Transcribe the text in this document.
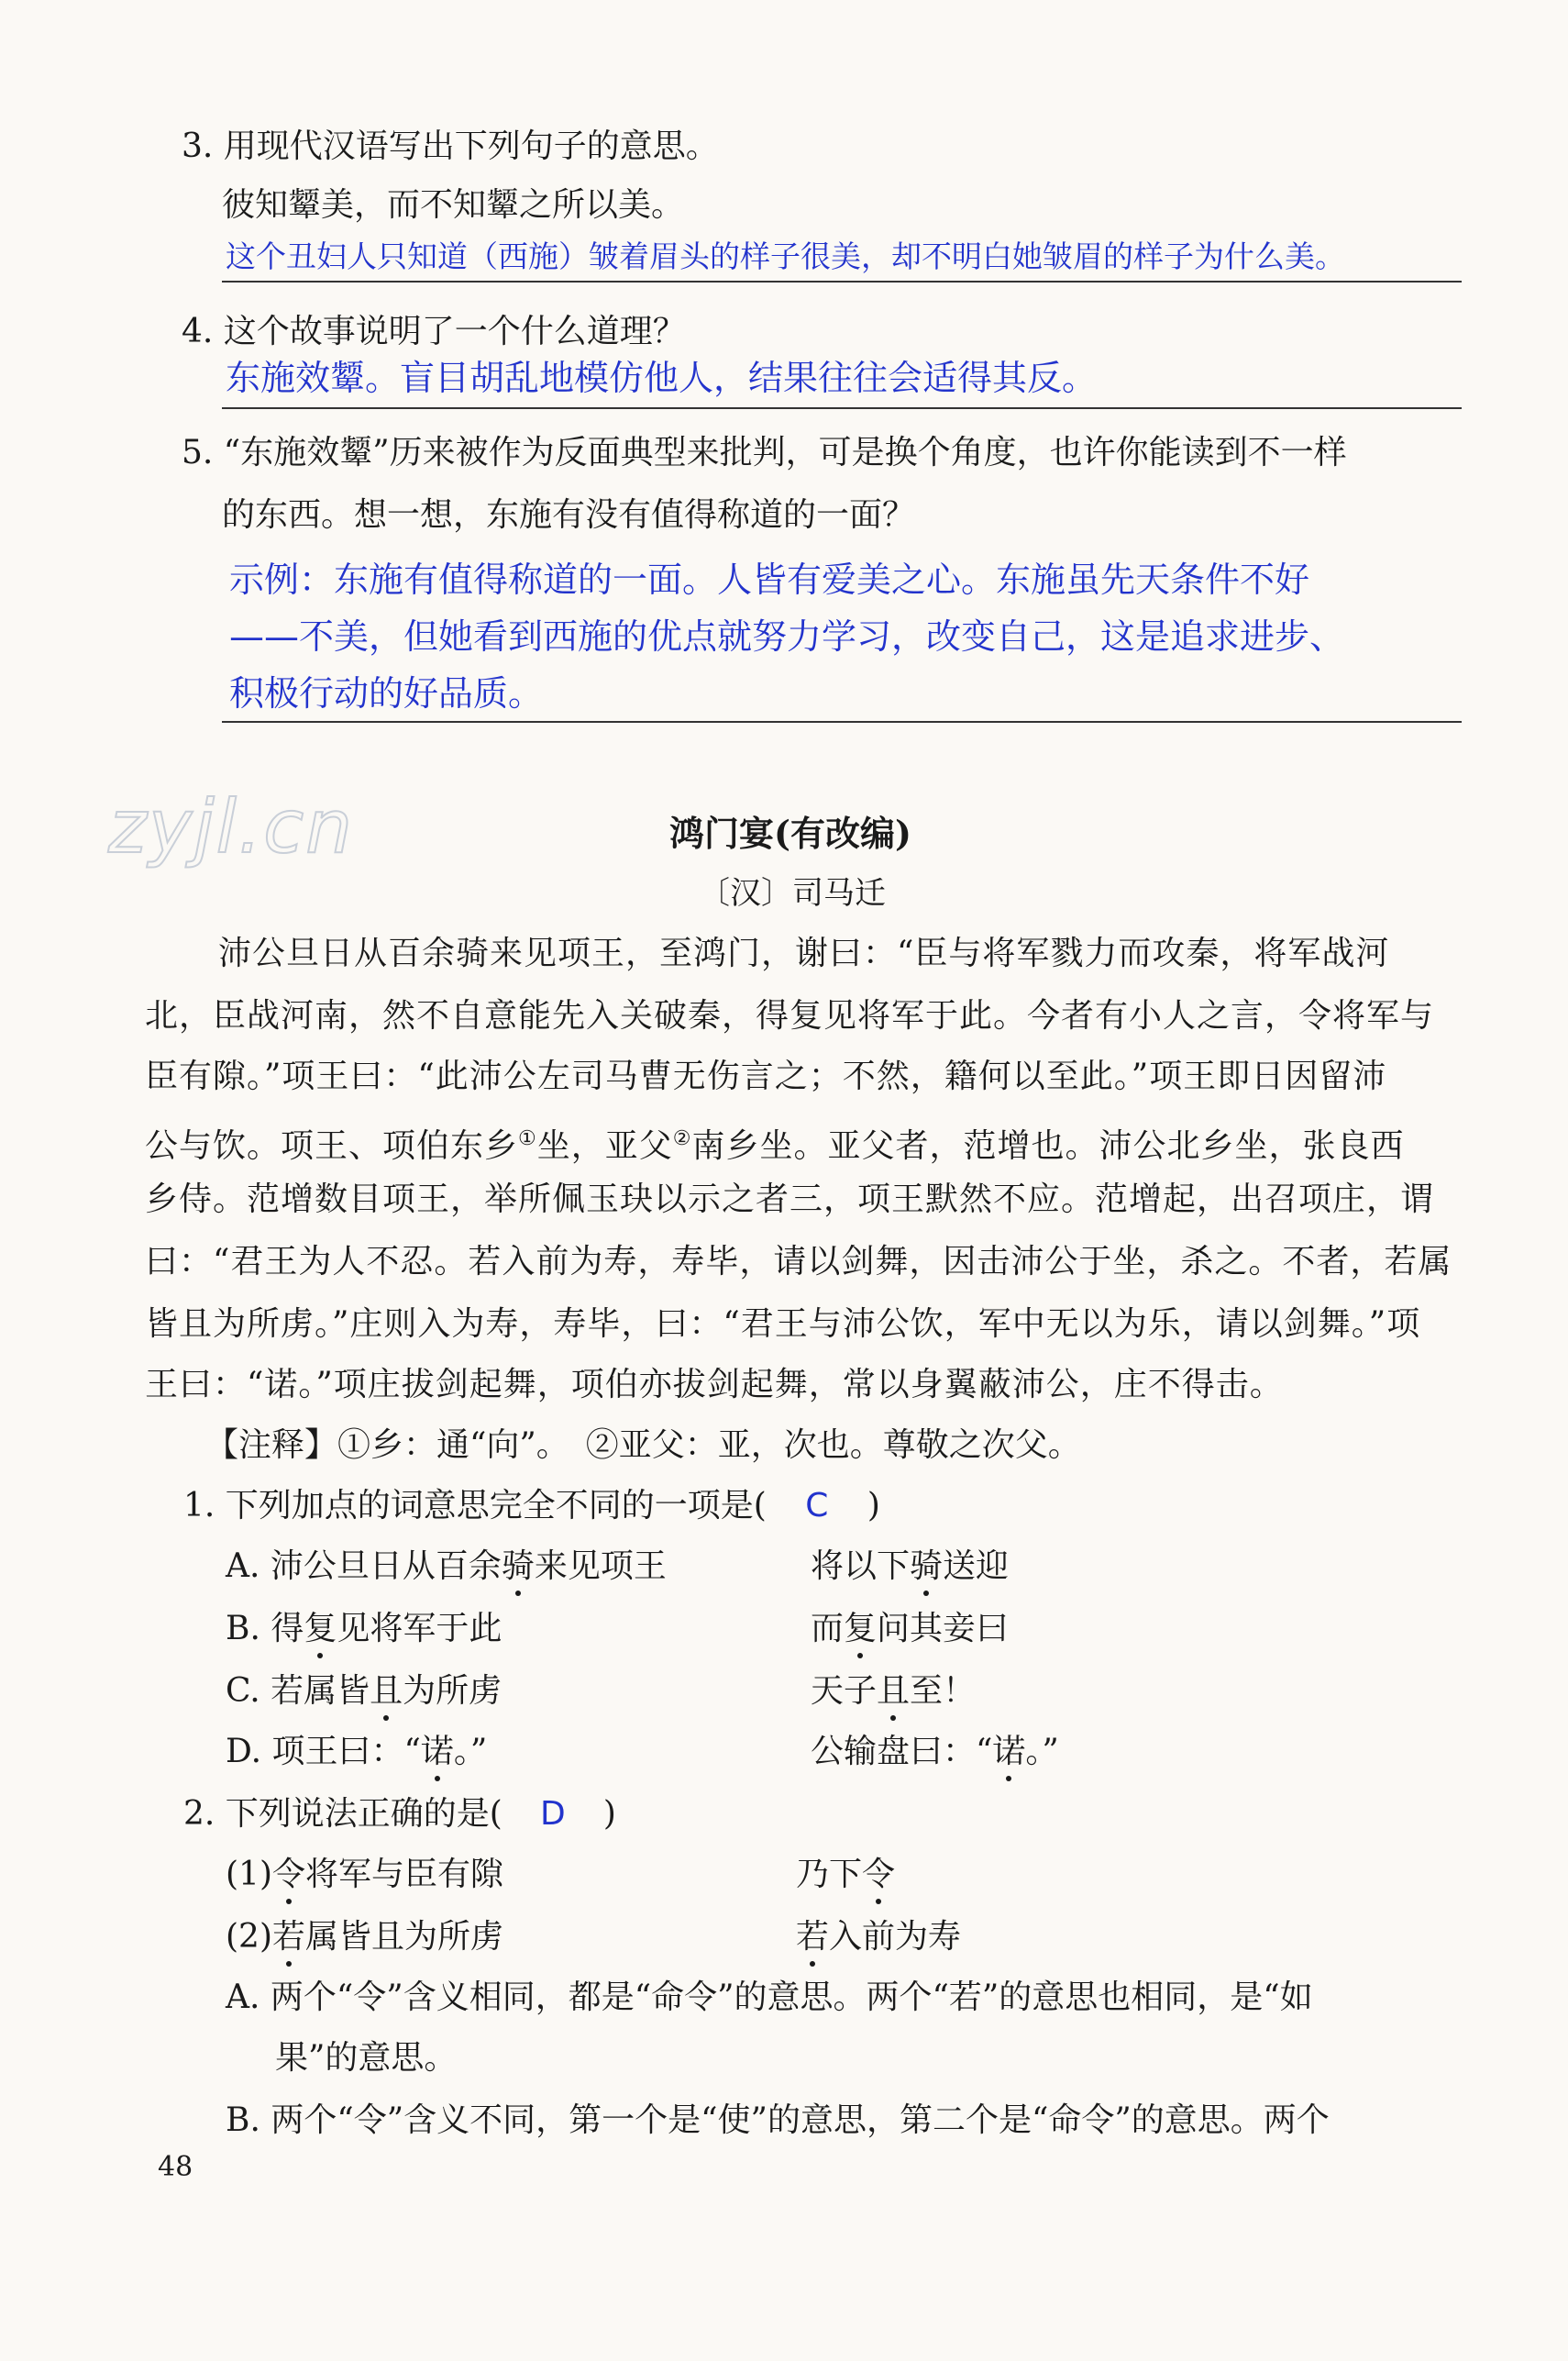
3. 用现代汉语写出下列句子的意思。
彼知颦美，而不知颦之所以美。
这个丑妇人只知道（西施）皱着眉头的样子很美，却不明白她皱眉的样子为什么美。
4. 这个故事说明了一个什么道理？
东施效颦。盲目胡乱地模仿他人，结果往往会适得其反。
5. “东施效颦”历来被作为反面典型来批判，可是换个角度，也许你能读到不一样
的东西。想一想，东施有没有值得称道的一面？
示例：东施有值得称道的一面。人皆有爱美之心。东施虽先天条件不好
——不美，但她看到西施的优点就努力学习，改变自己，这是追求进步、
积极行动的好品质。
zyjl.cn	鸿门宴(有改编)
〔汉〕司马迁
沛公旦日从百余骑来见项王，至鸿门，谢曰：“臣与将军戮力而攻秦，将军战河
北，臣战河南，然不自意能先入关破秦，得复见将军于此。今者有小人之言，令将军与
臣有隙。”项王曰：“此沛公左司马曹无伤言之；不然，籍何以至此。”项王即日因留沛
公与饮。项王、项伯东乡①坐，亚父②南乡坐。亚父者，范增也。沛公北乡坐，张良西
乡侍。范增数目项王，举所佩玉玦以示之者三，项王默然不应。范增起，出召项庄，谓
曰：“君王为人不忍。若入前为寿，寿毕，请以剑舞，因击沛公于坐，杀之。不者，若属
皆且为所虏。”庄则入为寿，寿毕，曰：“君王与沛公饮，军中无以为乐，请以剑舞。”项
王曰：“诺。”项庄拔剑起舞，项伯亦拔剑起舞，常以身翼蔽沛公，庄不得击。
【注释】①乡：通“向”。　②亚父：亚，次也。尊敬之次父。
1. 下列加点的词意思完全不同的一项是( C )
A. 沛公旦日从百余骑来见项王	将以下骑送迎
B. 得复见将军于此	而复问其妾曰
C. 若属皆且为所虏	天子且至！
D. 项王曰：“诺。”	公输盘曰：“诺。”
2. 下列说法正确的是( D )
(1)令将军与臣有隙	乃下令
(2)若属皆且为所虏	若入前为寿
A. 两个“令”含义相同，都是“命令”的意思。两个“若”的意思也相同，是“如
果”的意思。
B. 两个“令”含义不同，第一个是“使”的意思，第二个是“命令”的意思。两个
48
